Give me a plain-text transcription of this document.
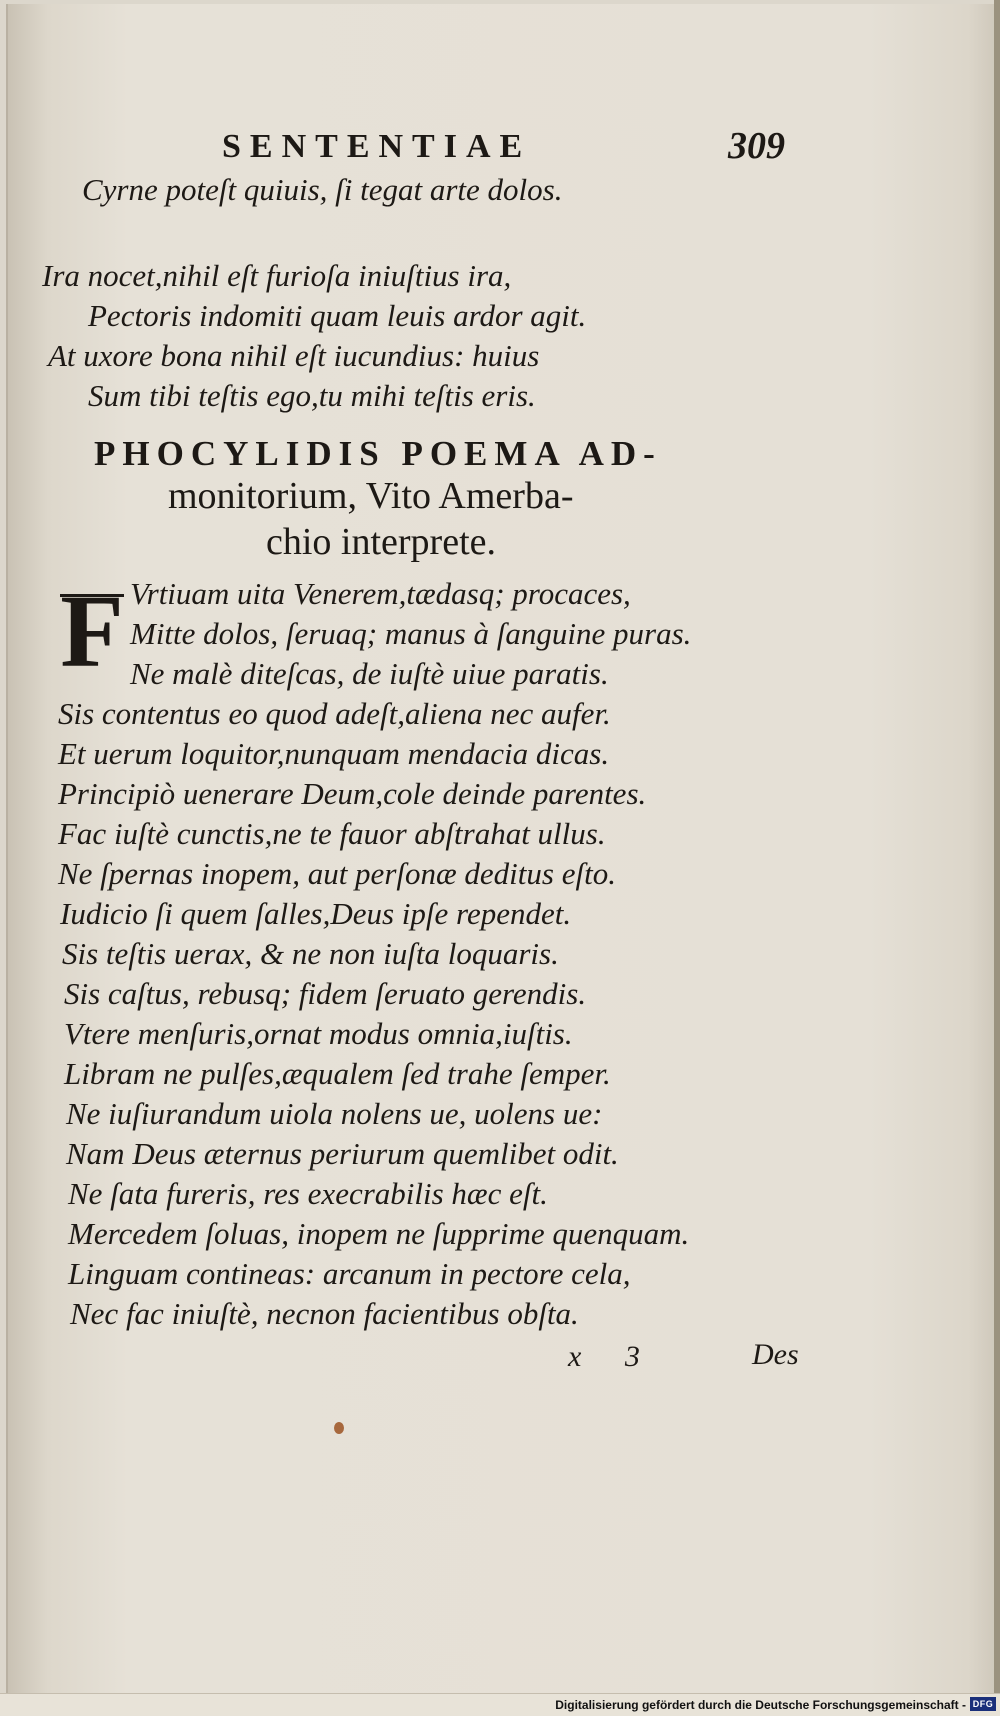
SENTENTIAE	309
Cyrne poteſt quiuis, ſi tegat arte dolos.
Ira nocet,nihil eſt furioſa iniuſtius ira,
Pectoris indomiti quam leuis ardor agit.
At uxore bona nihil eſt iucundius: huius
Sum tibi teſtis ego,tu mihi teſtis eris.
PHOCYLIDIS POEMA AD-
monitorium, Vito Amerba-
chio interprete.
F Vrtiuam uita Venerem,tædasq; procaces,
Mitte dolos, ſeruaq; manus à ſanguine puras.
Ne malè diteſcas, de iuſtè uiue paratis.
Sis contentus eo quod adeſt,aliena nec aufer.
Et uerum loquitor,nunquam mendacia dicas.
Principiò uenerare Deum,cole deinde parentes.
Fac iuſtè cunctis,ne te fauor abſtrahat ullus.
Ne ſpernas inopem, aut perſonæ deditus eſto.
Iudicio ſi quem ſalles,Deus ipſe rependet.
Sis teſtis uerax, & ne non iuſta loquaris.
Sis caſtus, rebusq; fidem ſeruato gerendis.
Vtere menſuris,ornat modus omnia,iuſtis.
Libram ne pulſes,æqualem ſed trahe ſemper.
Ne iuſiurandum uiola nolens ue, uolens ue:
Nam Deus æternus periurum quemlibet odit.
Ne ſata fureris, res execrabilis hæc eſt.
Mercedem ſoluas, inopem ne ſupprime quenquam.
Linguam contineas: arcanum in pectore cela,
Nec fac iniuſtè, necnon facientibus obſta.
x 3	Des
Digitalisierung gefördert durch die Deutsche Forschungsgemeinschaft - DFG
